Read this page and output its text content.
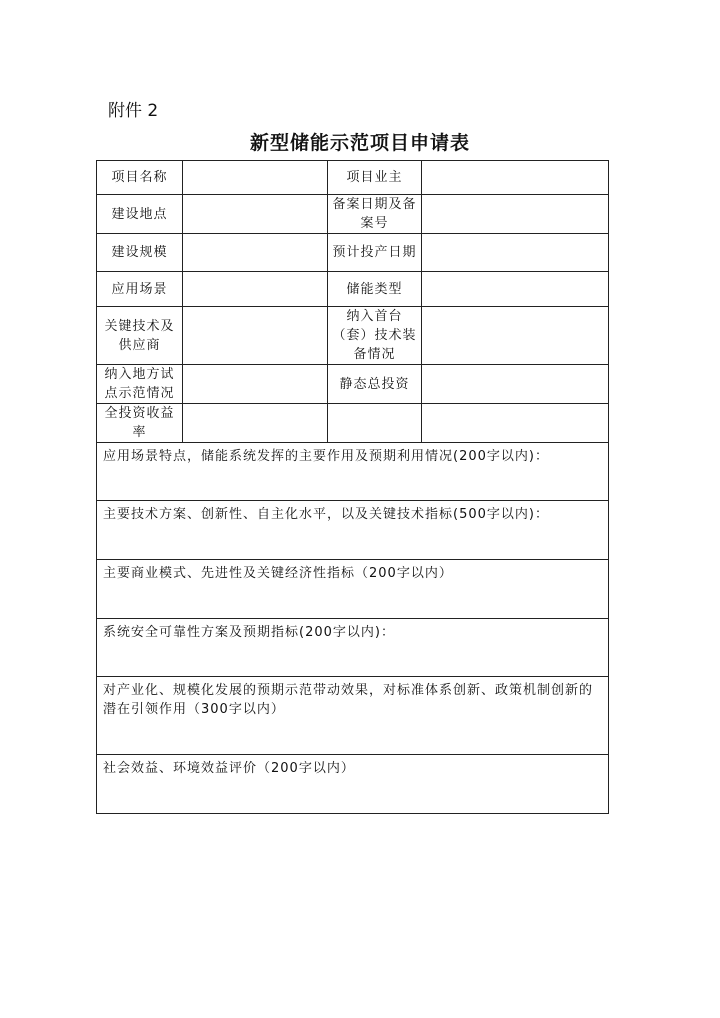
附件 2
新型储能示范项目申请表
项目名称		项目业主	
建设地点		备案日期及备案号	
建设规模		预计投产日期	
应用场景		储能类型	
关键技术及供应商		纳入首台（套）技术装备情况	
纳入地方试点示范情况		静态总投资	
全投资收益率			
应用场景特点，储能系统发挥的主要作用及预期利用情况(200字以内)：			
主要技术方案、创新性、自主化水平，以及关键技术指标(500字以内)：			
主要商业模式、先进性及关键经济性指标（200字以内）			
系统安全可靠性方案及预期指标(200字以内)：			
对产业化、规模化发展的预期示范带动效果，对标准体系创新、政策机制创新的潜在引领作用（300字以内）			
社会效益、环境效益评价（200字以内）			
